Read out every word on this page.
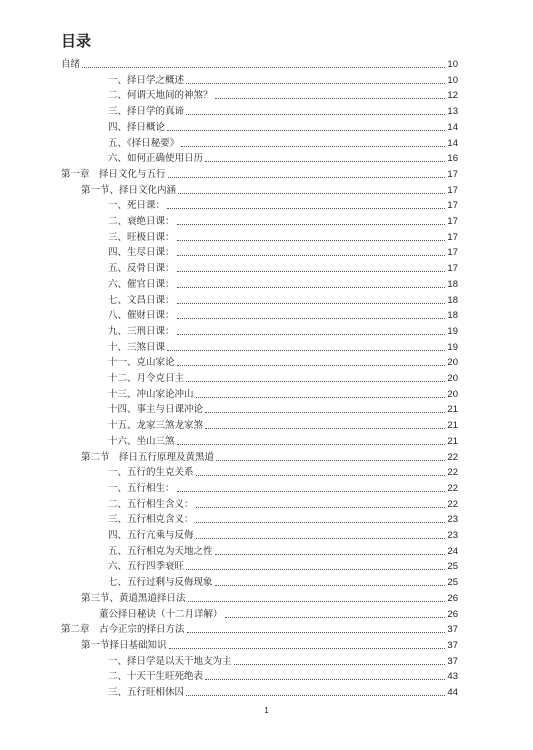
目录
自绪	10
一、择日学之概述	10
二、何谓天地间的神煞？	12
三、择日学的真谛	13
四、择日概论	14
五、《择日秘要》	14
六、如何正确使用日历	16
第一章　择日文化与五行	17
第一节、择日文化内涵	17
一、死日课：	17
二、衰绝日课：	17
三、旺极日课：	17
四、生尽日课：	17
五、反骨日课：	17
六、催官日课：	18
七、文昌日课：	18
八、催财日课：	18
九、三刑日课：	19
十、三煞日课	19
十一、克山家论	20
十二、月令克日主	20
十三、冲山家论冲山	20
十四、事主与日课冲论	21
十五、龙家三煞龙家煞	21
十六、坐山三煞	21
第二节　择日五行原理及黄黑道	22
一、五行的生克关系	22
一、五行相生：	22
二、五行相生含义：	22
三、五行相克含义：	23
四、五行亢乘与反侮	23
五、五行相克为天地之性	24
六、五行四季衰旺	25
七、五行过剩与反侮现象	25
第三节、黄道黑道择日法	26
董公择日秘诀（十二月详解）	26
第二章　古今正宗的择日方法	37
第一节择日基础知识	37
一、择日学是以天干地支为主	37
二、十天干生旺死绝表	43
三、五行旺相休囚	44
1
